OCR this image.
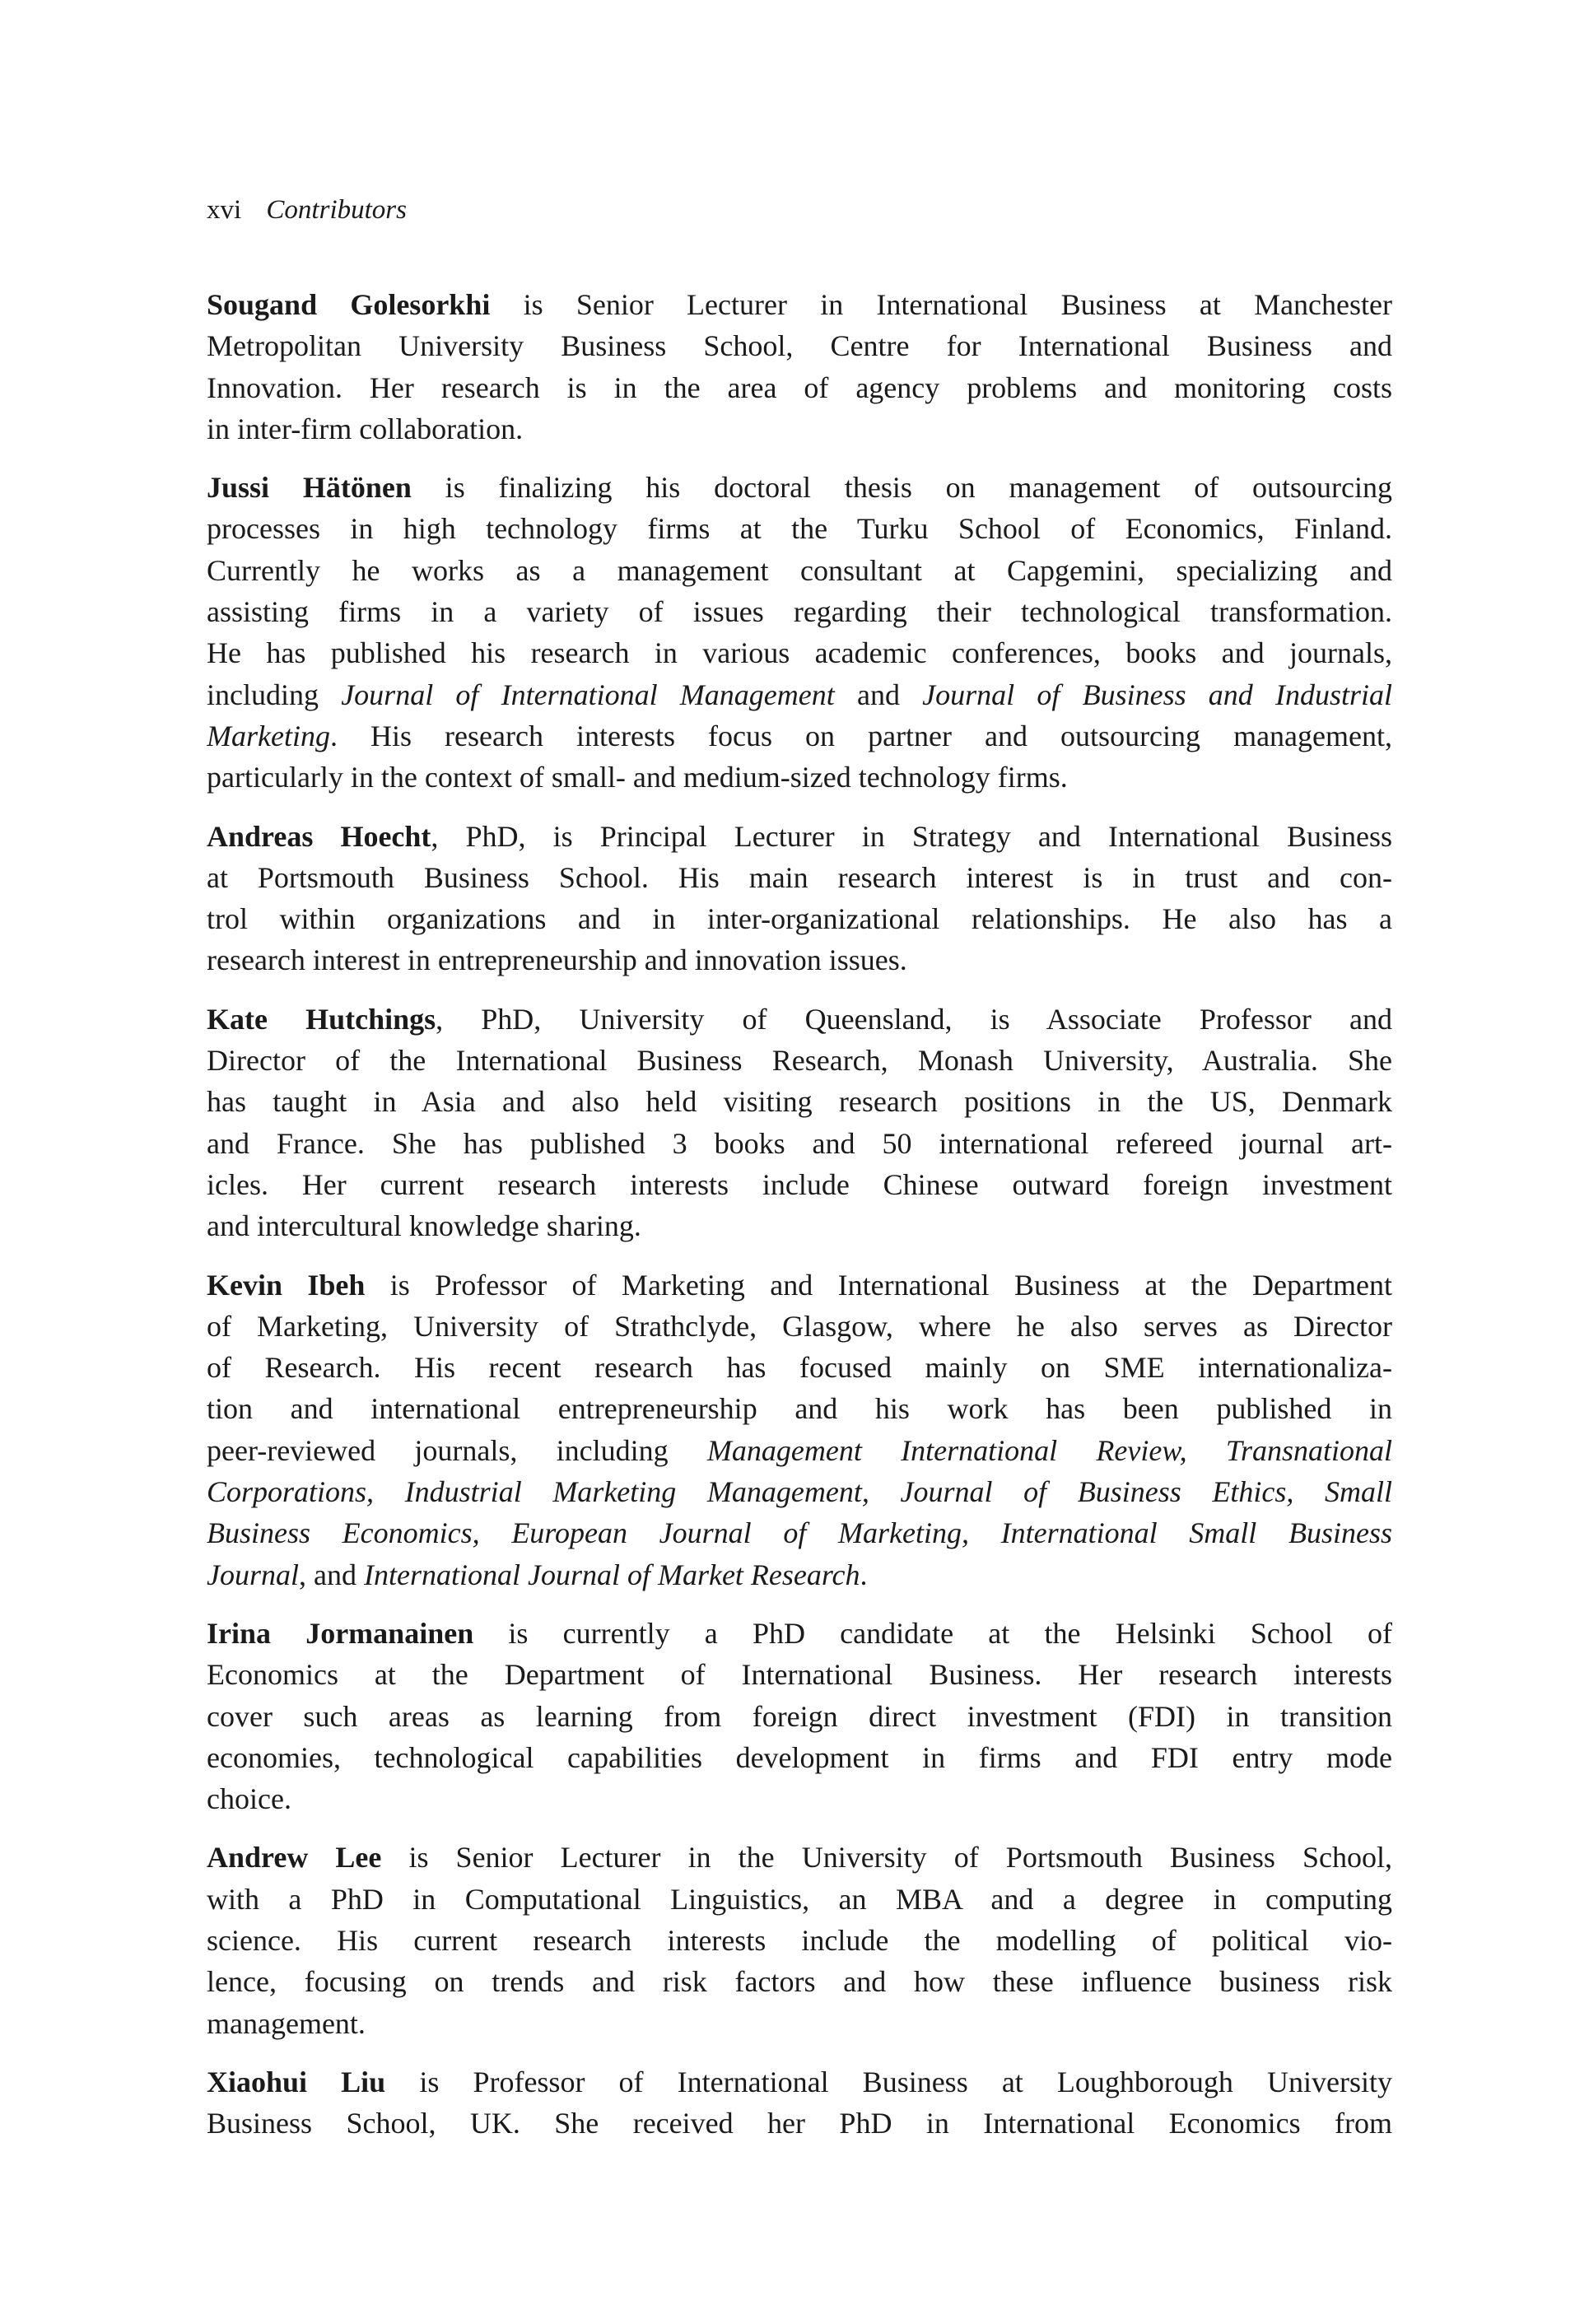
xvi Contributors
Sougand Golesorkhi is Senior Lecturer in International Business at Manchester
Metropolitan University Business School, Centre for International Business and
Innovation. Her research is in the area of agency problems and monitoring costs
in inter-firm collaboration.
Jussi Hätönen is finalizing his doctoral thesis on management of outsourcing
processes in high technology firms at the Turku School of Economics, Finland.
Currently he works as a management consultant at Capgemini, specializing and
assisting firms in a variety of issues regarding their technological transformation.
He has published his research in various academic conferences, books and journals,
including Journal of International Management and Journal of Business and Industrial
Marketing. His research interests focus on partner and outsourcing management,
particularly in the context of small- and medium-sized technology firms.
Andreas Hoecht, PhD, is Principal Lecturer in Strategy and International Business
at Portsmouth Business School. His main research interest is in trust and con-
trol within organizations and in inter-organizational relationships. He also has a
research interest in entrepreneurship and innovation issues.
Kate Hutchings, PhD, University of Queensland, is Associate Professor and
Director of the International Business Research, Monash University, Australia. She
has taught in Asia and also held visiting research positions in the US, Denmark
and France. She has published 3 books and 50 international refereed journal art-
icles. Her current research interests include Chinese outward foreign investment
and intercultural knowledge sharing.
Kevin Ibeh is Professor of Marketing and International Business at the Department
of Marketing, University of Strathclyde, Glasgow, where he also serves as Director
of Research. His recent research has focused mainly on SME internationaliza-
tion and international entrepreneurship and his work has been published in
peer-reviewed journals, including Management International Review, Transnational
Corporations, Industrial Marketing Management, Journal of Business Ethics, Small
Business Economics, European Journal of Marketing, International Small Business
Journal, and International Journal of Market Research.
Irina Jormanainen is currently a PhD candidate at the Helsinki School of
Economics at the Department of International Business. Her research interests
cover such areas as learning from foreign direct investment (FDI) in transition
economies, technological capabilities development in firms and FDI entry mode
choice.
Andrew Lee is Senior Lecturer in the University of Portsmouth Business School,
with a PhD in Computational Linguistics, an MBA and a degree in computing
science. His current research interests include the modelling of political vio-
lence, focusing on trends and risk factors and how these influence business risk
management.
Xiaohui Liu is Professor of International Business at Loughborough University
Business School, UK. She received her PhD in International Economics from
